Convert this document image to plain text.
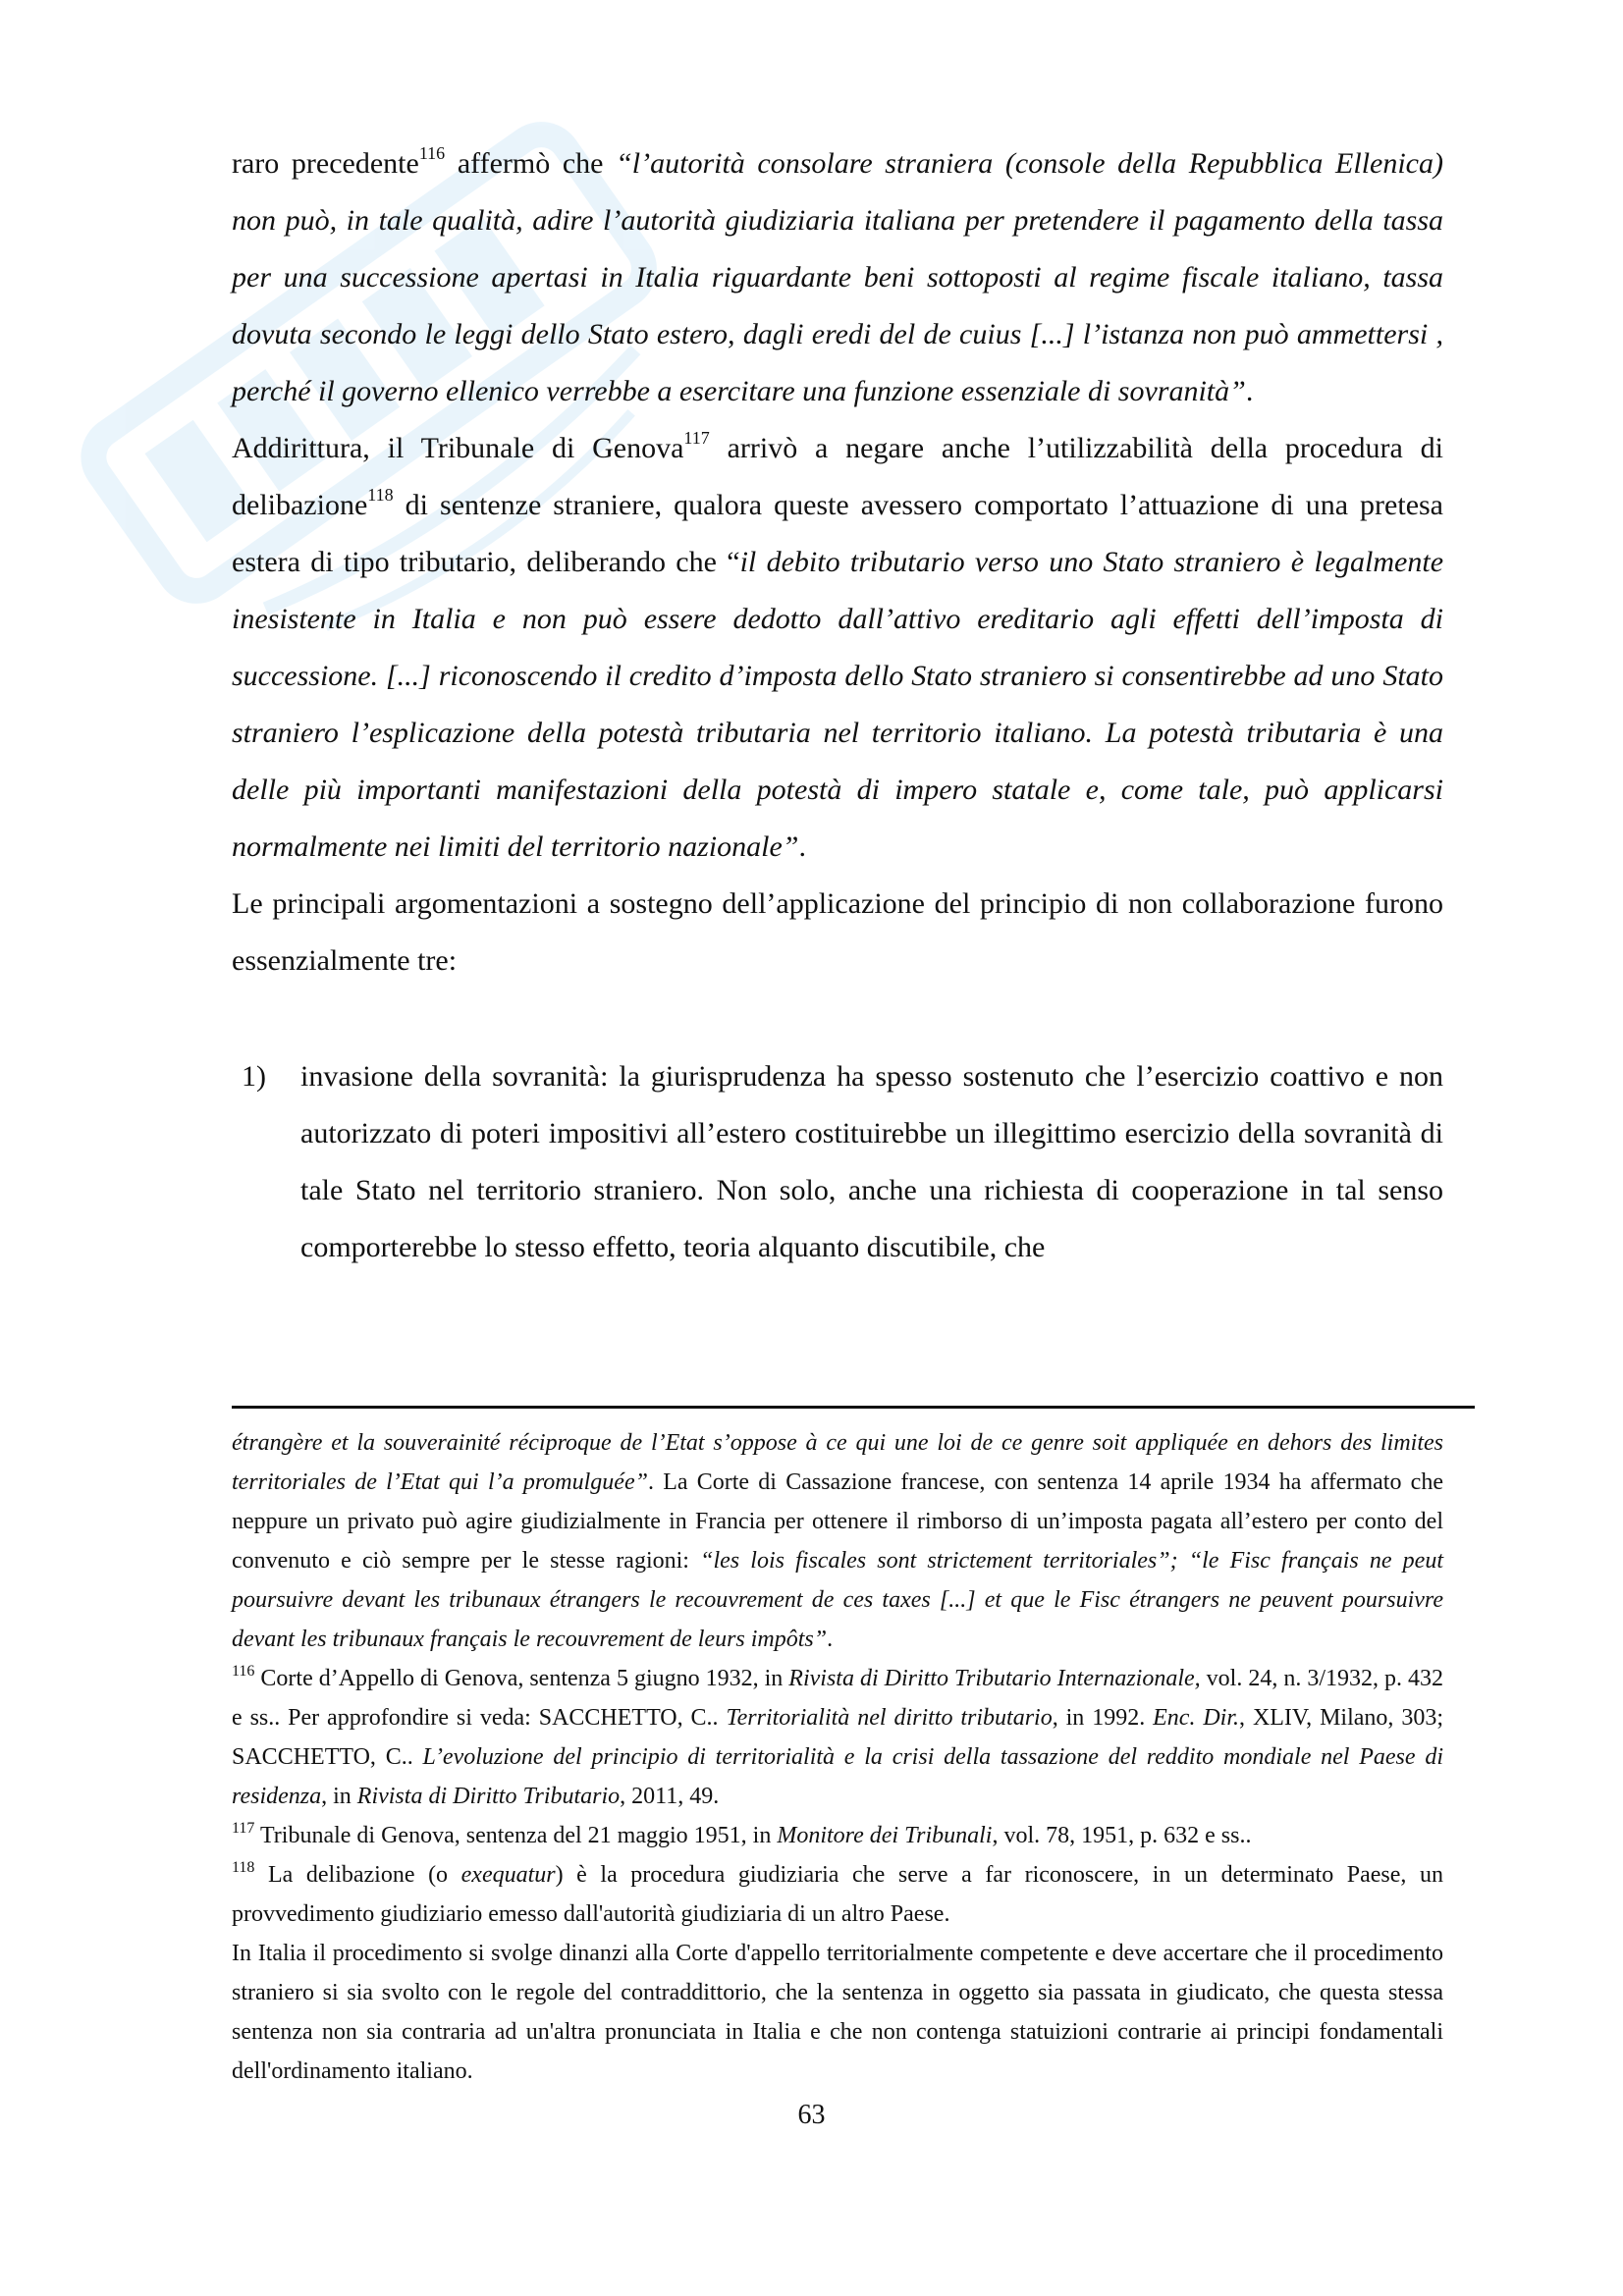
raro precedente$^{116}$ affermò che “l’autorità consolare straniera (console della Repubblica Ellenica) non può, in tale qualità, adire l’autorità giudiziaria italiana per pretendere il pagamento della tassa per una successione apertasi in Italia riguardante beni sottoposti al regime fiscale italiano, tassa dovuta secondo le leggi dello Stato estero, dagli eredi del de cuius [...] l’istanza non può ammettersi , perché il governo ellenico verrebbe a esercitare una funzione essenziale di sovranità”.

Addirittura, il Tribunale di Genova$^{117}$ arrivò a negare anche l’utilizzabilità della procedura di delibazione$^{118}$ di sentenze straniere, qualora queste avessero comportato l’attuazione di una pretesa estera di tipo tributario, deliberando che “il debito tributario verso uno Stato straniero è legalmente inesistente in Italia e non può essere dedotto dall’attivo ereditario agli effetti dell’imposta di successione. [...] riconoscendo il credito d’imposta dello Stato straniero si consentirebbe ad uno Stato straniero l’esplicazione della potestà tributaria nel territorio italiano. La potestà tributaria è una delle più importanti manifestazioni della potestà di impero statale e, come tale, può applicarsi normalmente nei limiti del territorio nazionale”.

Le principali argomentazioni a sostegno dell’applicazione del principio di non collaborazione furono essenzialmente tre:

1)	invasione della sovranità: la giurisprudenza ha spesso sostenuto che l’esercizio coattivo e non autorizzato di poteri impositivi all’estero costituirebbe un illegittimo esercizio della sovranità di tale Stato nel territorio straniero. Non solo, anche una richiesta di cooperazione in tal senso comporterebbe lo stesso effetto, teoria alquanto discutibile, che

étrangère et la souverainité réciproque de l’Etat s’oppose à ce qui une loi de ce genre soit appliquée en dehors des limites territoriales de l’Etat qui l’a promulguée”. La Corte di Cassazione francese, con sentenza 14 aprile 1934 ha affermato che neppure un privato può agire giudizialmente in Francia per ottenere il rimborso di un’imposta pagata all’estero per conto del convenuto e ciò sempre per le stesse ragioni: “les lois fiscales sont strictement territoriales”; “le Fisc français ne peut poursuivre devant les tribunaux étrangers le recouvrement de ces taxes [...] et que le Fisc étrangers ne peuvent poursuivre devant les tribunaux français le recouvrement de leurs impôts”.

$^{116}$ Corte d’Appello di Genova, sentenza 5 giugno 1932, in Rivista di Diritto Tributario Internazionale, vol. 24, n. 3/1932, p. 432 e ss.. Per approfondire si veda: SACCHETTO, C.. Territorialità nel diritto tributario, in 1992. Enc. Dir., XLIV, Milano, 303; SACCHETTO, C.. L’evoluzione del principio di territorialità e la crisi della tassazione del reddito mondiale nel Paese di residenza, in Rivista di Diritto Tributario, 2011, 49.

$^{117}$ Tribunale di Genova, sentenza del 21 maggio 1951, in Monitore dei Tribunali, vol. 78, 1951, p. 632 e ss..

$^{118}$ La delibazione (o exequatur) è la procedura giudiziaria che serve a far riconoscere, in un determinato Paese, un provvedimento giudiziario emesso dall'autorità giudiziaria di un altro Paese.

In Italia il procedimento si svolge dinanzi alla Corte d'appello territorialmente competente e deve accertare che il procedimento straniero si sia svolto con le regole del contraddittorio, che la sentenza in oggetto sia passata in giudicato, che questa stessa sentenza non sia contraria ad un'altra pronunciata in Italia e che non contenga statuizioni contrarie ai principi fondamentali dell'ordinamento italiano.

63
